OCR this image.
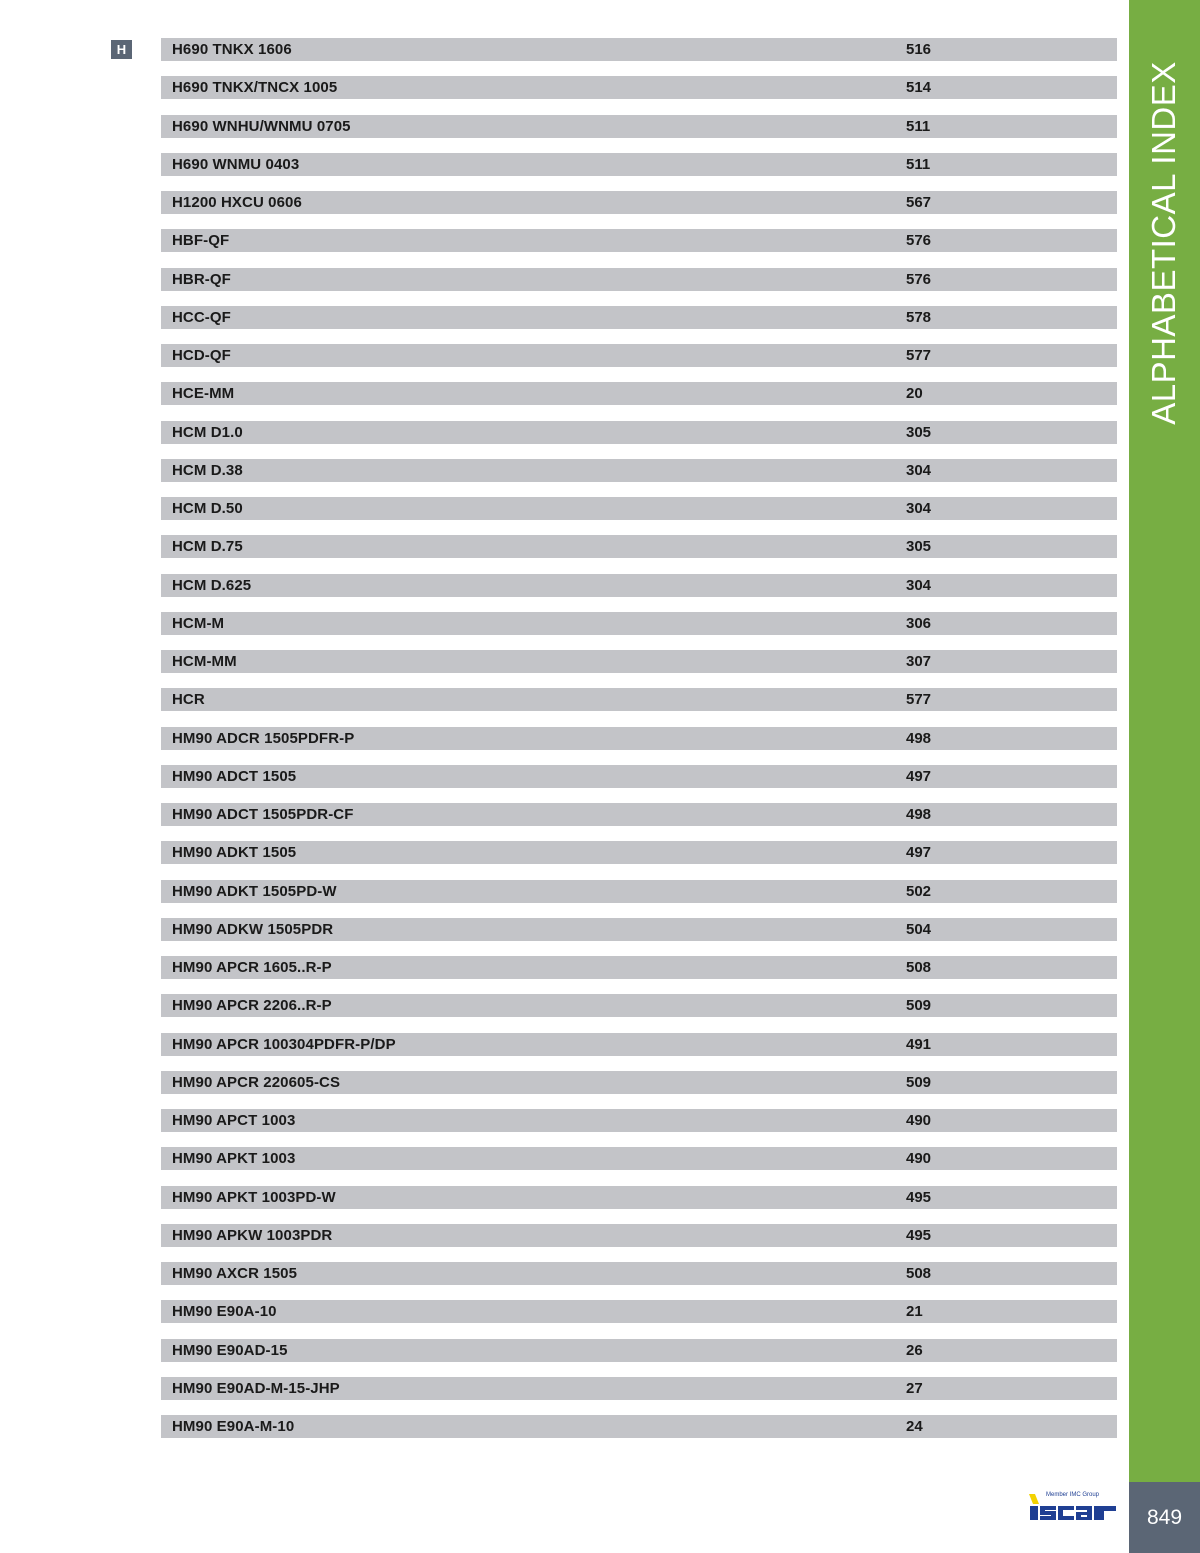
H	H690 TNKX 1606	516
H690 TNKX/TNCX 1005	514
H690 WNHU/WNMU 0705	511
H690 WNMU 0403	511
H1200 HXCU 0606	567
HBF-QF	576
HBR-QF	576
HCC-QF	578
HCD-QF	577
HCE-MM	20
HCM D1.0	305
HCM D.38	304
HCM D.50	304
HCM D.75	305
HCM D.625	304
HCM-M	306
HCM-MM	307
HCR	577
HM90 ADCR 1505PDFR-P	498
HM90 ADCT 1505	497
HM90 ADCT 1505PDR-CF	498
HM90 ADKT 1505	497
HM90 ADKT 1505PD-W	502
HM90 ADKW 1505PDR	504
HM90 APCR 1605..R-P	508
HM90 APCR 2206..R-P	509
HM90 APCR 100304PDFR-P/DP	491
HM90 APCR 220605-CS	509
HM90 APCT 1003	490
HM90 APKT 1003	490
HM90 APKT 1003PD-W	495
HM90 APKW 1003PDR	495
HM90 AXCR 1505	508
HM90 E90A-10	21
HM90 E90AD-15	26
HM90 E90AD-M-15-JHP	27
HM90 E90A-M-10	24
ALPHABETICAL INDEX
Member IMC Group
849
